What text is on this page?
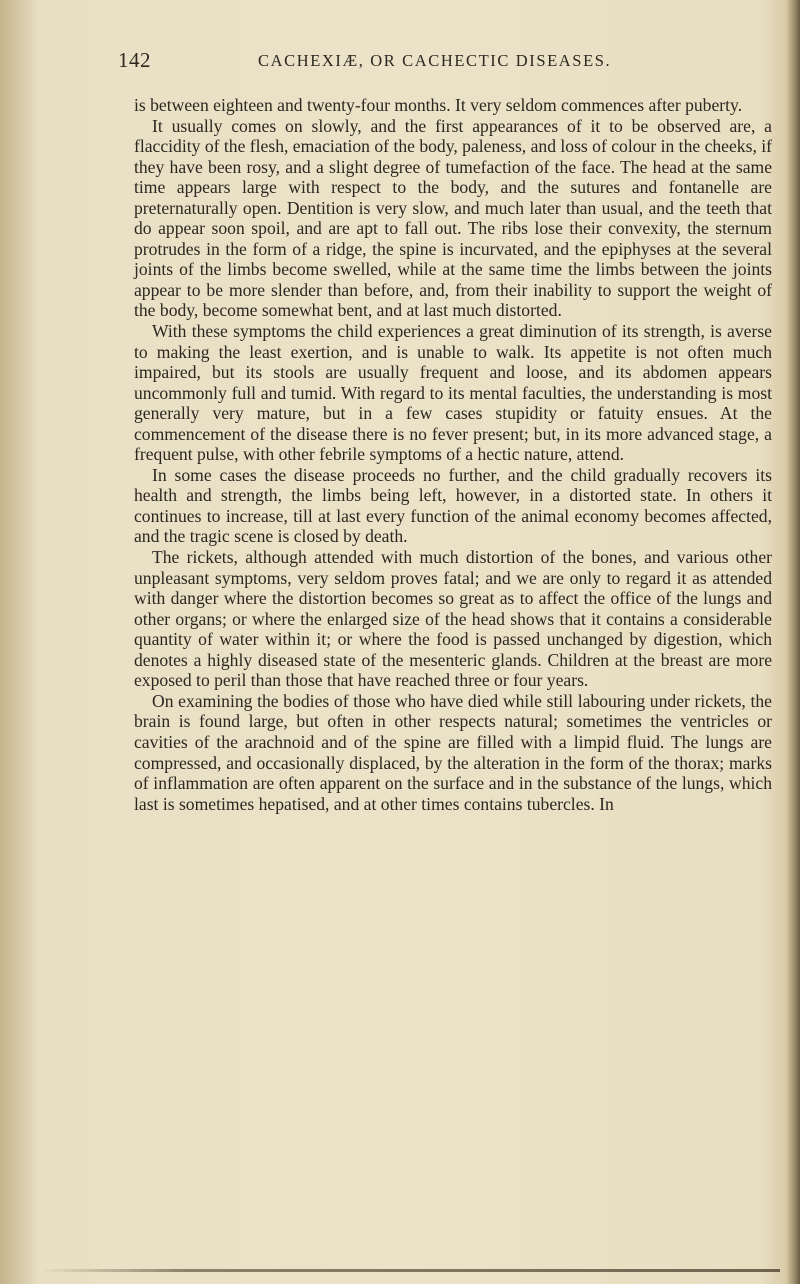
142	CACHEXIÆ, OR CACHECTIC DISEASES.

is between eighteen and twenty-four months. It very seldom commences after puberty.

It usually comes on slowly, and the first appearances of it to be observed are, a flaccidity of the flesh, emaciation of the body, paleness, and loss of colour in the cheeks, if they have been rosy, and a slight degree of tumefaction of the face. The head at the same time appears large with respect to the body, and the sutures and fontanelle are preternaturally open. Dentition is very slow, and much later than usual, and the teeth that do appear soon spoil, and are apt to fall out. The ribs lose their convexity, the sternum protrudes in the form of a ridge, the spine is incurvated, and the epiphyses at the several joints of the limbs become swelled, while at the same time the limbs between the joints appear to be more slender than before, and, from their inability to support the weight of the body, become somewhat bent, and at last much distorted.

With these symptoms the child experiences a great diminution of its strength, is averse to making the least exertion, and is unable to walk. Its appetite is not often much impaired, but its stools are usually frequent and loose, and its abdomen appears uncommonly full and tumid. With regard to its mental faculties, the understanding is most generally very mature, but in a few cases stupidity or fatuity ensues. At the commencement of the disease there is no fever present; but, in its more advanced stage, a frequent pulse, with other febrile symptoms of a hectic nature, attend.

In some cases the disease proceeds no further, and the child gradually recovers its health and strength, the limbs being left, however, in a distorted state. In others it continues to increase, till at last every function of the animal economy becomes affected, and the tragic scene is closed by death.

The rickets, although attended with much distortion of the bones, and various other unpleasant symptoms, very seldom proves fatal; and we are only to regard it as attended with danger where the distortion becomes so great as to affect the office of the lungs and other organs; or where the enlarged size of the head shows that it contains a considerable quantity of water within it; or where the food is passed unchanged by digestion, which denotes a highly diseased state of the mesenteric glands. Children at the breast are more exposed to peril than those that have reached three or four years.

On examining the bodies of those who have died while still labouring under rickets, the brain is found large, but often in other respects natural; sometimes the ventricles or cavities of the arachnoid and of the spine are filled with a limpid fluid. The lungs are compressed, and occasionally displaced, by the alteration in the form of the thorax; marks of inflammation are often apparent on the surface and in the substance of the lungs, which last is sometimes hepatised, and at other times contains tubercles. In
